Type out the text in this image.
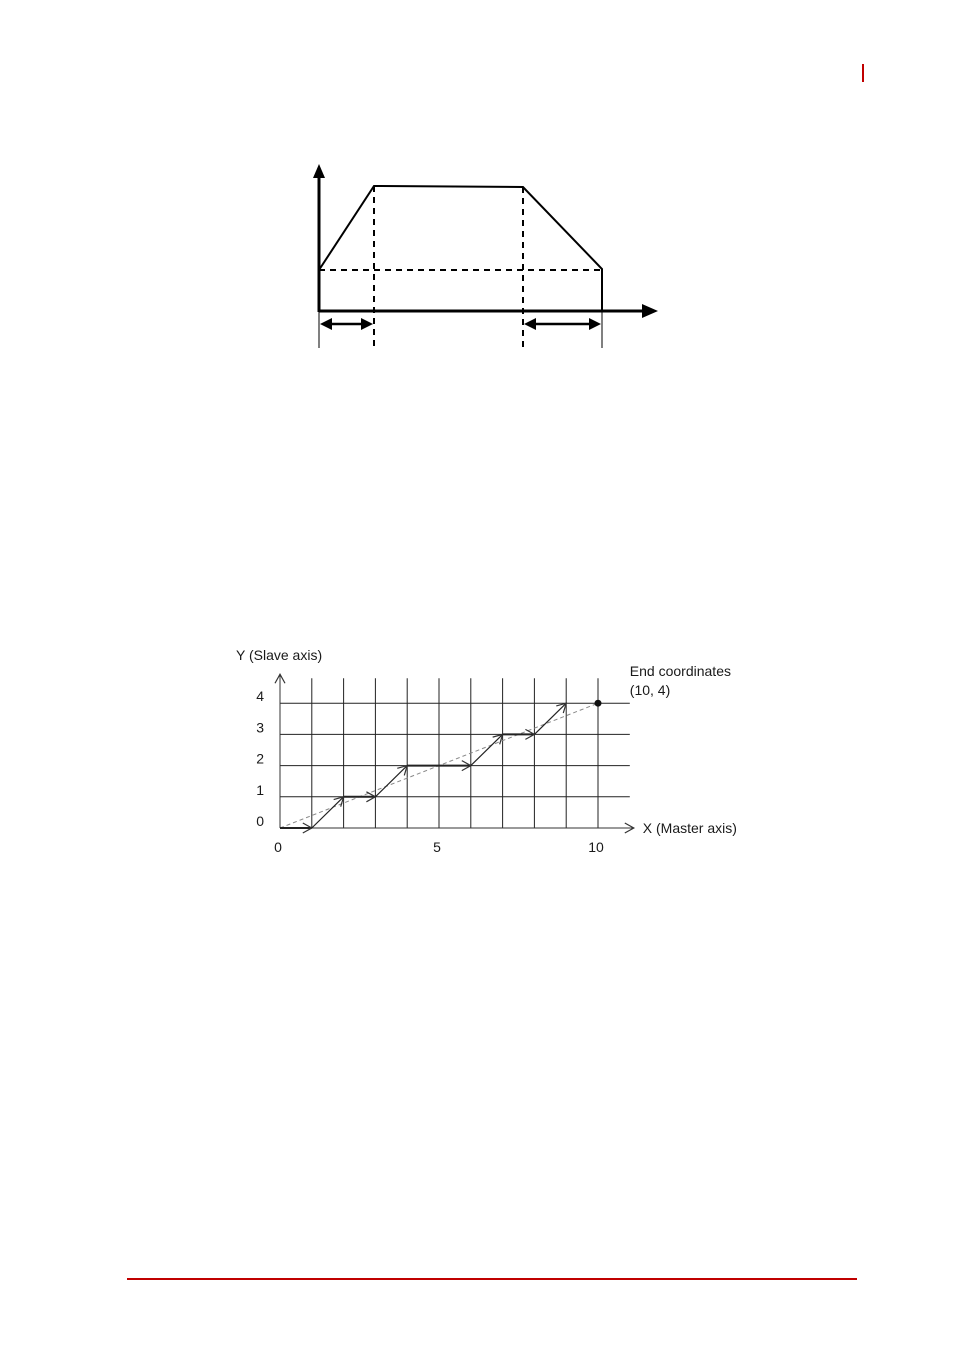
0
1
2
3
4
0	5	10
Y (Slave axis)
X (Master axis)
End coordinates
(10, 4)
